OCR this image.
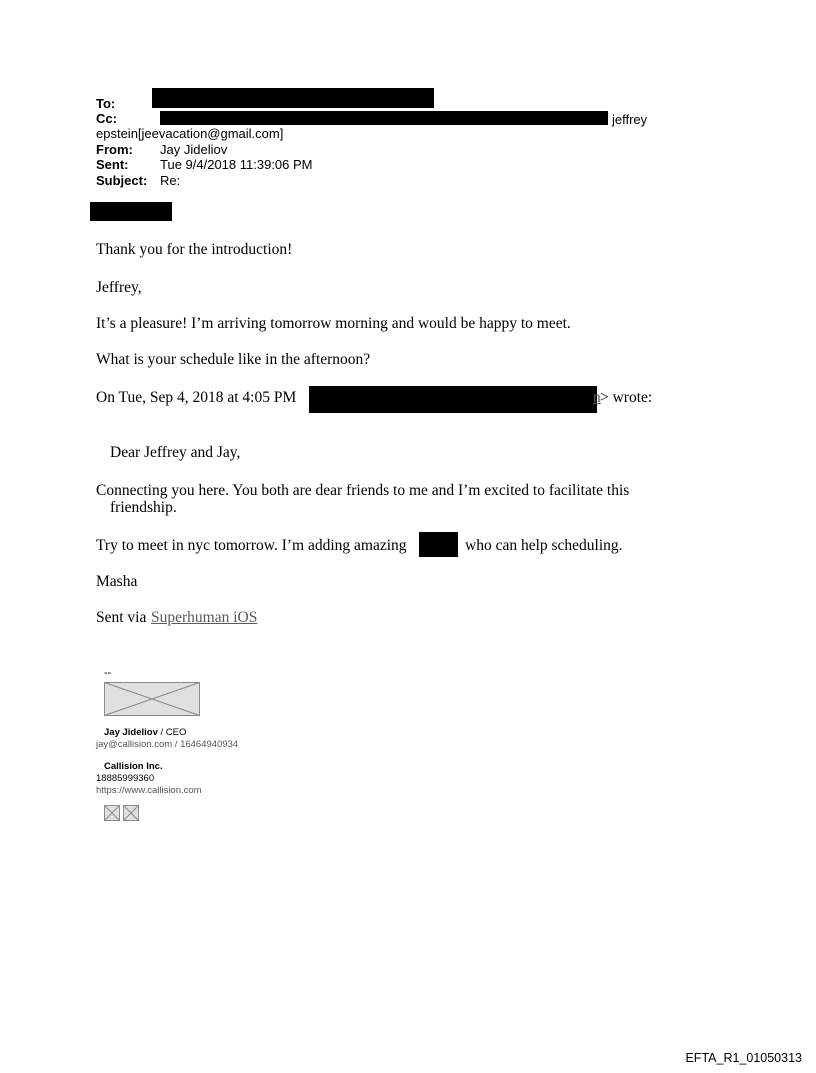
To:
Cc:	jeffrey
epstein[jeevacation@gmail.com]
From: Jay Jideliov
Sent: Tue 9/4/2018 11:39:06 PM
Subject: Re:
Thank you for the introduction!
Jeffrey,
It’s a pleasure! I’m arriving tomorrow morning and would be happy to meet.
What is your schedule like in the afternoon?
On Tue, Sep 4, 2018 at 4:05 PM	n > wrote:
Dear Jeffrey and Jay,
Connecting you here. You both are dear friends to me and I’m excited to facilitate this
friendship.
Try to meet in nyc tomorrow. I’m adding amazing	who can help scheduling.
Masha
Sent via Superhuman iOS
--
Jay Jideliov / CEO
jay@callision.com / 16464940934
Callision Inc.
18885999360
https://www.callision.com
EFTA_R1_01050313
